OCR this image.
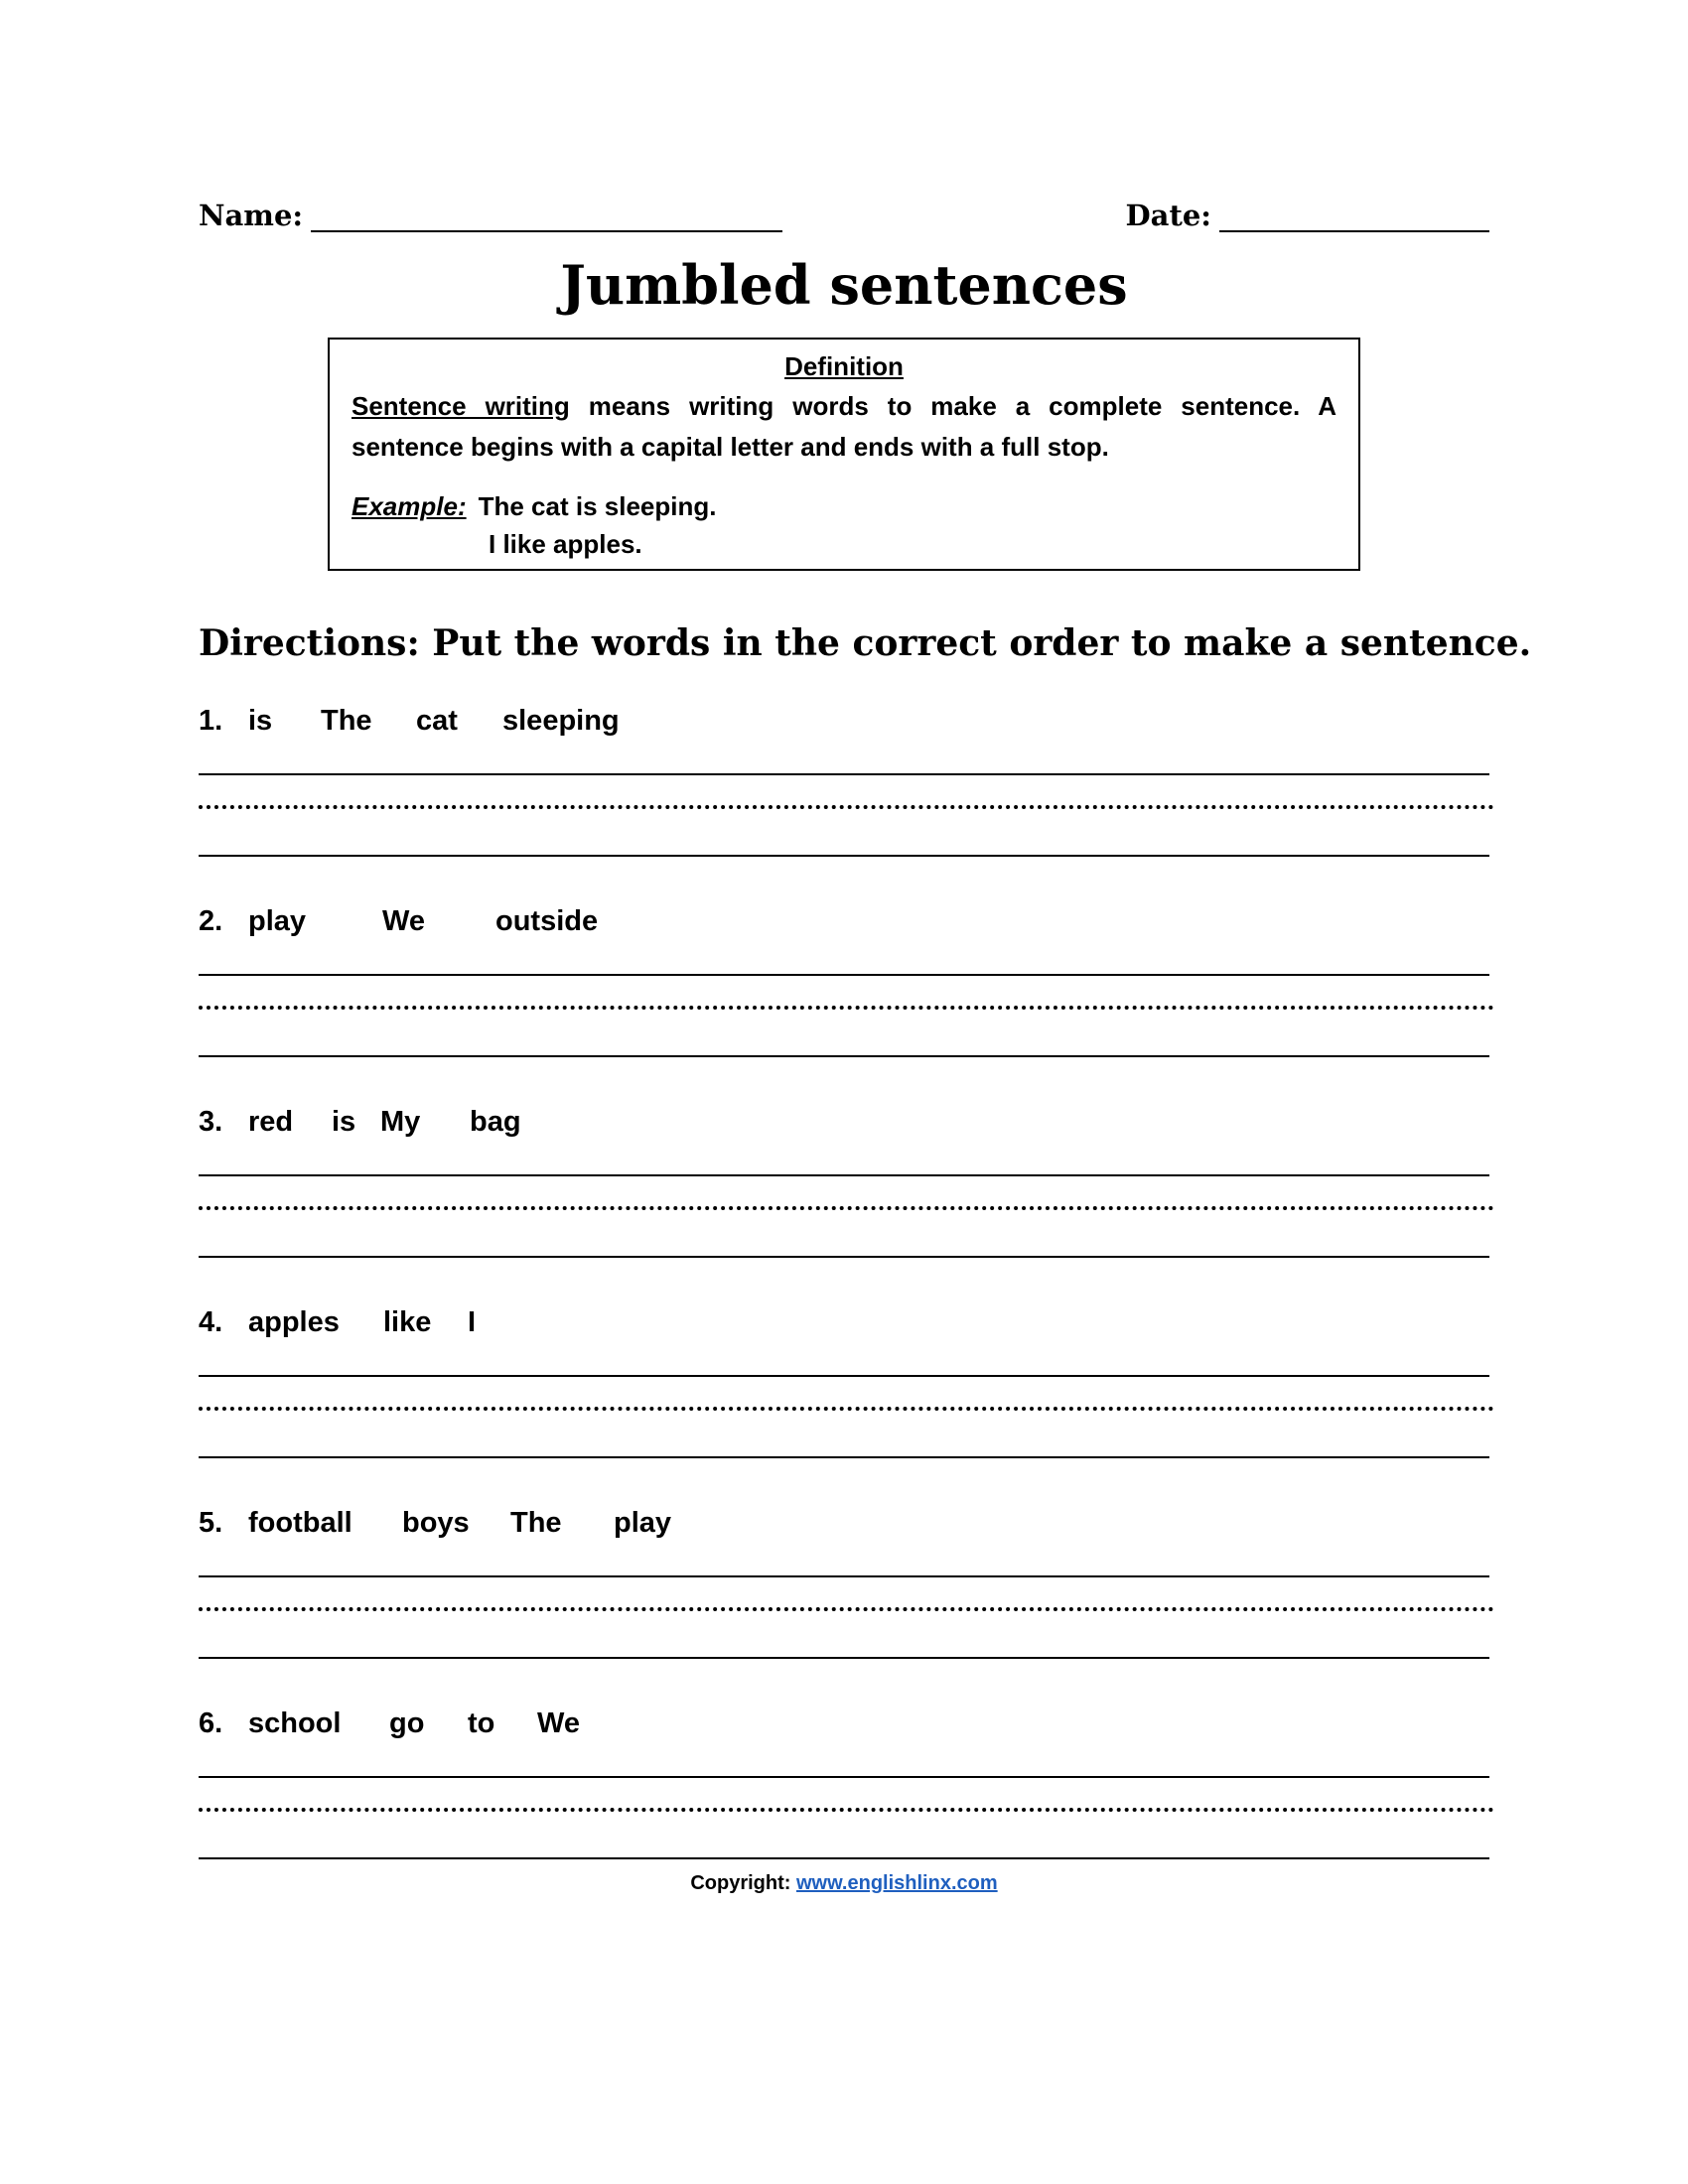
Name:	Date:
Jumbled sentences
Definition
Sentence writing means writing words to make a complete sentence. A sentence begins with a capital letter and ends with a full stop.
Example: The cat is sleeping.
I like apples.
Directions: Put the words in the correct order to make a sentence.
1. is	The	cat	sleeping
2. play	We	outside
3. red	is My	bag
4. apples	like	I
5. football	boys	The	play
6. school	go	to	We
Copyright: www.englishlinx.com
